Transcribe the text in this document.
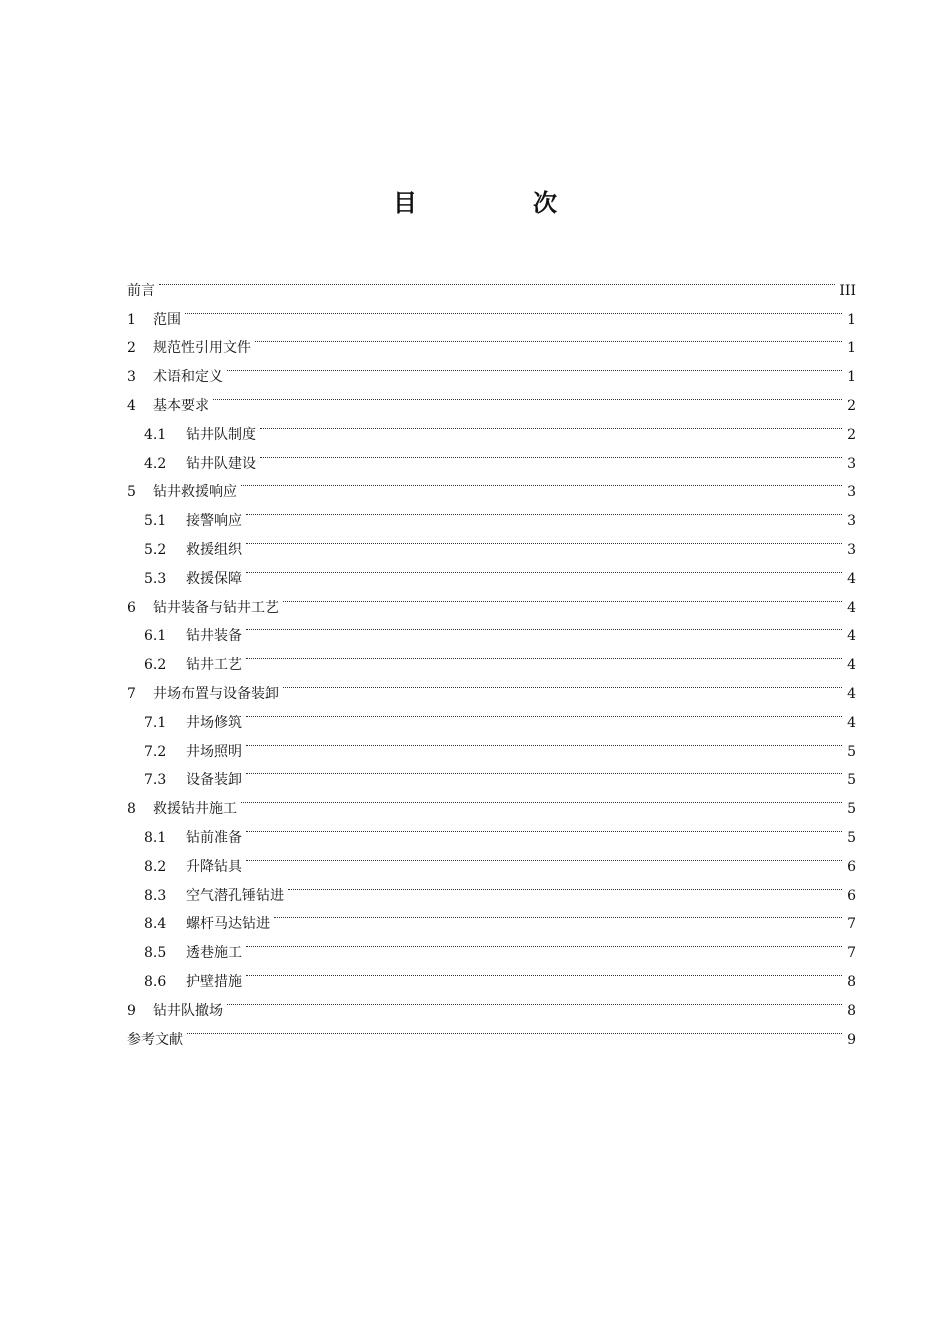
目　次
前言	III
1	范围	1
2	规范性引用文件	1
3	术语和定义	1
4	基本要求	2
4.1	钻井队制度	2
4.2	钻井队建设	3
5	钻井救援响应	3
5.1	接警响应	3
5.2	救援组织	3
5.3	救援保障	4
6	钻井装备与钻井工艺	4
6.1	钻井装备	4
6.2	钻井工艺	4
7	井场布置与设备装卸	4
7.1	井场修筑	4
7.2	井场照明	5
7.3	设备装卸	5
8	救援钻井施工	5
8.1	钻前准备	5
8.2	升降钻具	6
8.3	空气潜孔锤钻进	6
8.4	螺杆马达钻进	7
8.5	透巷施工	7
8.6	护壁措施	8
9	钻井队撤场	8
参考文献	9
